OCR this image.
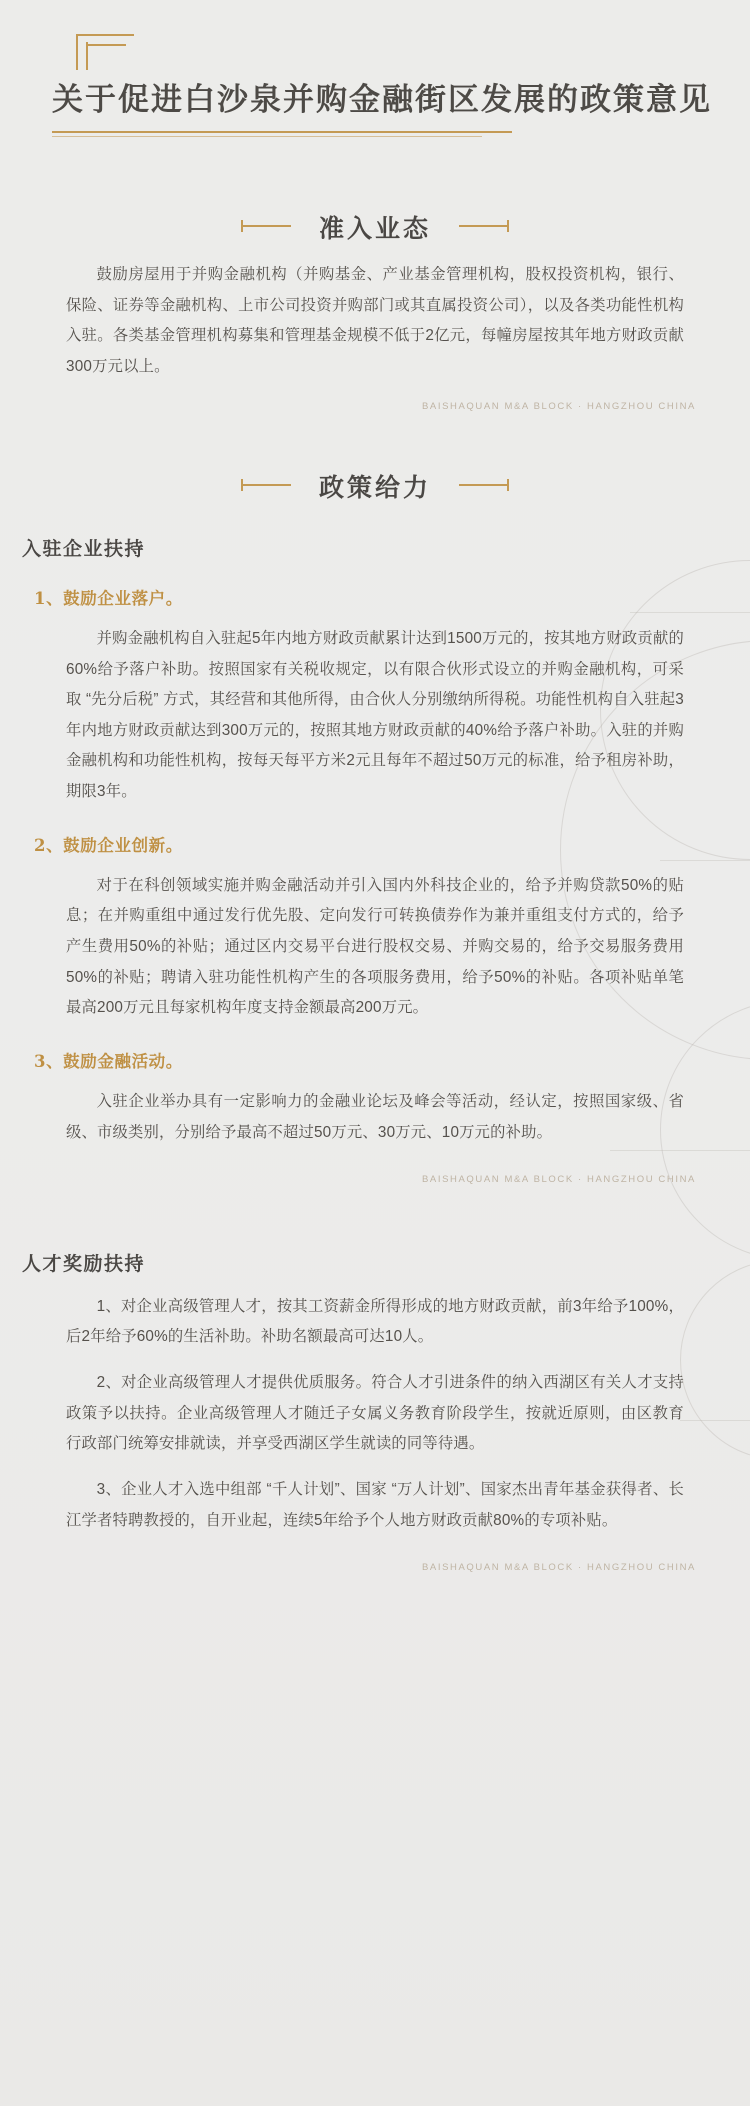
关于促进白沙泉并购金融街区发展的政策意见
准入业态

鼓励房屋用于并购金融机构（并购基金、产业基金管理机构，股权投资机构，银行、保险、证券等金融机构、上市公司投资并购部门或其直属投资公司），以及各类功能性机构入驻。各类基金管理机构募集和管理基金规模不低于2亿元，每幢房屋按其年地方财政贡献300万元以上。

BAISHAQUAN M&A BLOCK · HANGZHOU CHINA
政策给力
入驻企业扶持
1、鼓励企业落户。

并购金融机构自入驻起5年内地方财政贡献累计达到1500万元的，按其地方财政贡献的60%给予落户补助。按照国家有关税收规定，以有限合伙形式设立的并购金融机构，可采取 “先分后税” 方式，其经营和其他所得，由合伙人分别缴纳所得税。功能性机构自入驻起3年内地方财政贡献达到300万元的，按照其地方财政贡献的40%给予落户补助。入驻的并购金融机构和功能性机构，按每天每平方米2元且每年不超过50万元的标准，给予租房补助，期限3年。

2、鼓励企业创新。

对于在科创领域实施并购金融活动并引入国内外科技企业的，给予并购贷款50%的贴息；在并购重组中通过发行优先股、定向发行可转换债券作为兼并重组支付方式的，给予产生费用50%的补贴；通过区内交易平台进行股权交易、并购交易的，给予交易服务费用50%的补贴；聘请入驻功能性机构产生的各项服务费用，给予50%的补贴。各项补贴单笔最高200万元且每家机构年度支持金额最高200万元。

3、鼓励金融活动。

入驻企业举办具有一定影响力的金融业论坛及峰会等活动，经认定，按照国家级、省级、市级类别，分别给予最高不超过50万元、30万元、10万元的补助。

BAISHAQUAN M&A BLOCK · HANGZHOU CHINA
人才奖励扶持

1、对企业高级管理人才，按其工资薪金所得形成的地方财政贡献，前3年给予100%，后2年给予60%的生活补助。补助名额最高可达10人。

2、对企业高级管理人才提供优质服务。符合人才引进条件的纳入西湖区有关人才支持政策予以扶持。企业高级管理人才随迁子女属义务教育阶段学生，按就近原则，由区教育行政部门统筹安排就读，并享受西湖区学生就读的同等待遇。

3、企业人才入选中组部 “千人计划”、国家 “万人计划”、国家杰出青年基金获得者、长江学者特聘教授的，自开业起，连续5年给予个人地方财政贡献80%的专项补贴。

BAISHAQUAN M&A BLOCK · HANGZHOU CHINA
